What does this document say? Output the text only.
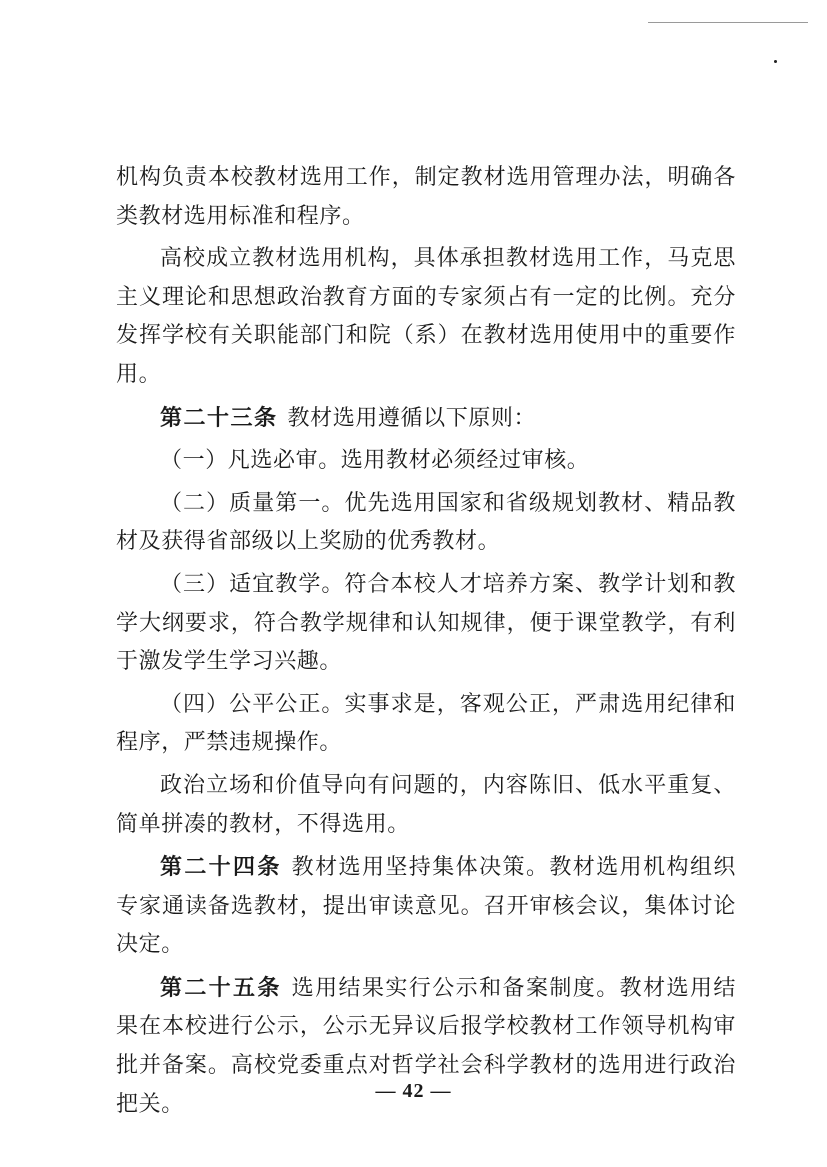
机构负责本校教材选用工作，制定教材选用管理办法，明确各类教材选用标准和程序。

高校成立教材选用机构，具体承担教材选用工作，马克思主义理论和思想政治教育方面的专家须占有一定的比例。充分发挥学校有关职能部门和院（系）在教材选用使用中的重要作用。

第二十三条 教材选用遵循以下原则：

（一）凡选必审。选用教材必须经过审核。

（二）质量第一。优先选用国家和省级规划教材、精品教材及获得省部级以上奖励的优秀教材。

（三）适宜教学。符合本校人才培养方案、教学计划和教学大纲要求，符合教学规律和认知规律，便于课堂教学，有利于激发学生学习兴趣。

（四）公平公正。实事求是，客观公正，严肃选用纪律和程序，严禁违规操作。

政治立场和价值导向有问题的，内容陈旧、低水平重复、简单拼凑的教材，不得选用。

第二十四条 教材选用坚持集体决策。教材选用机构组织专家通读备选教材，提出审读意见。召开审核会议，集体讨论决定。

第二十五条 选用结果实行公示和备案制度。教材选用结果在本校进行公示，公示无异议后报学校教材工作领导机构审批并备案。高校党委重点对哲学社会科学教材的选用进行政治把关。

— 42 —
